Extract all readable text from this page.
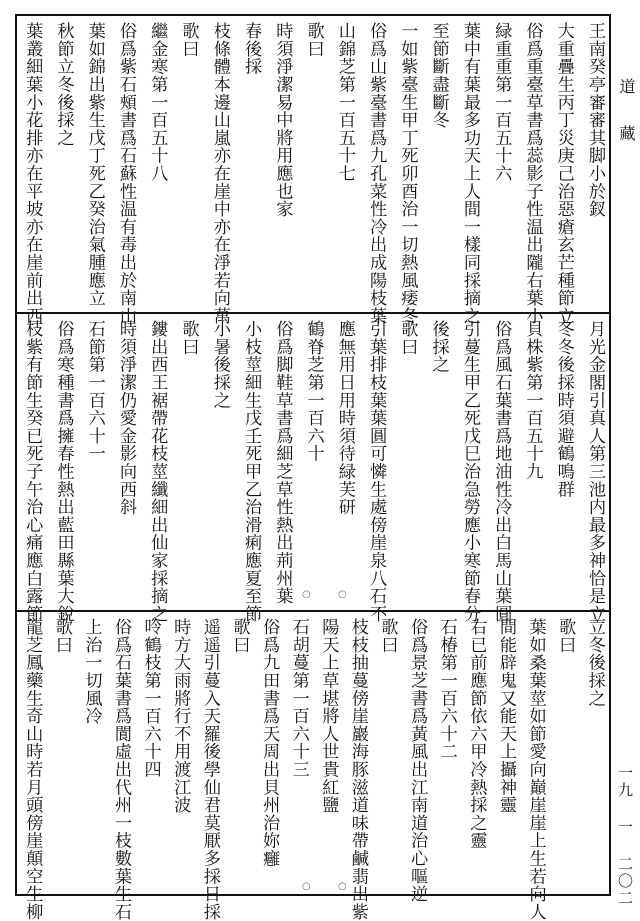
王南癸亭審審其脚小於釵
大重疊生丙丁災庚己治惡瘡玄芒種節立
俗爲重臺草書爲蕊影子性温出隴右葉小
緑重重第一百五十六
葉中有葉最多功天上人間一樣同採摘之
至節斷盡斷冬
一如紫臺生甲丁死卯酉治一切熱風痿冬
俗爲山紫臺書爲九孔菜性冷出成陽枝葉
山錦芝第一百五十七
歌曰
時須淨潔易中將用應也家
春後採
枝條體本邊山嵐亦在崖中亦在淨若向萬
歌曰
繼金寒第一百五十八
俗爲紫石頰書爲石蘇性温有毒出於南山
葉如錦出紫生戊丁死乙癸治氣腫應立
秋節立冬後採之
葉叢細葉小花排亦在平坡亦在崖前出西
月光金閣引真人第三池内最多神恰是立
冬冬後採時須避鶴鳴群
貝株紫第一百五十九
俗爲風石葉書爲地油性冷出白馬山葉圓
引蔓生甲乙死戊巳治急勞應小寒節春分
後採之
歌曰
引葉排枝葉葉圓可憐生處傍崖泉八石不
應無用日用時須待緑芙研
鶴脊芝第一百六十
俗爲脚鞋草書爲細芝草性熱出荊州葉
小枝莖細生戊壬死甲乙治滑痢應夏至節
小暑後採之
歌曰
鏤出西王裾帶花枝莖纖細出仙家採摘之
時須淨潔仍愛金影向西斜
石節第一百六十一
俗爲寒種書爲擁春性熱出藍田縣葉大銳
枝紫有節生癸已死子午治心痛應白露節
立冬後採之
歌曰
葉如桑葉莖如節愛向巔崖崖上生若向人
間能辟鬼又能天上攝神靈
右已前應節依六甲冷熱採之靈
石椿第一百六十二
俗爲景芝書爲黃風出江南道治心嘔逆
歌曰
枝枝抽蔓傍崖巖海豚滋道味帶鹹翡出紫
陽天上草堪將人世貴紅鹽
石胡蔓第一百六十三
俗爲九田書爲天周出貝州治妳癰
歌曰
遥遥引蔓入天羅後學仙君莫厭多採日採
時方大雨將行不用渡江波
呤鶴枝第一百六十四
俗爲石葉書爲閬虛出代州一枝數葉生石
上治一切風冷
歌曰
龍芝鳳藥生奇山時若月頭傍崖顛空生柳
道 藏
一九 一 二〇二
○	○
○	○
